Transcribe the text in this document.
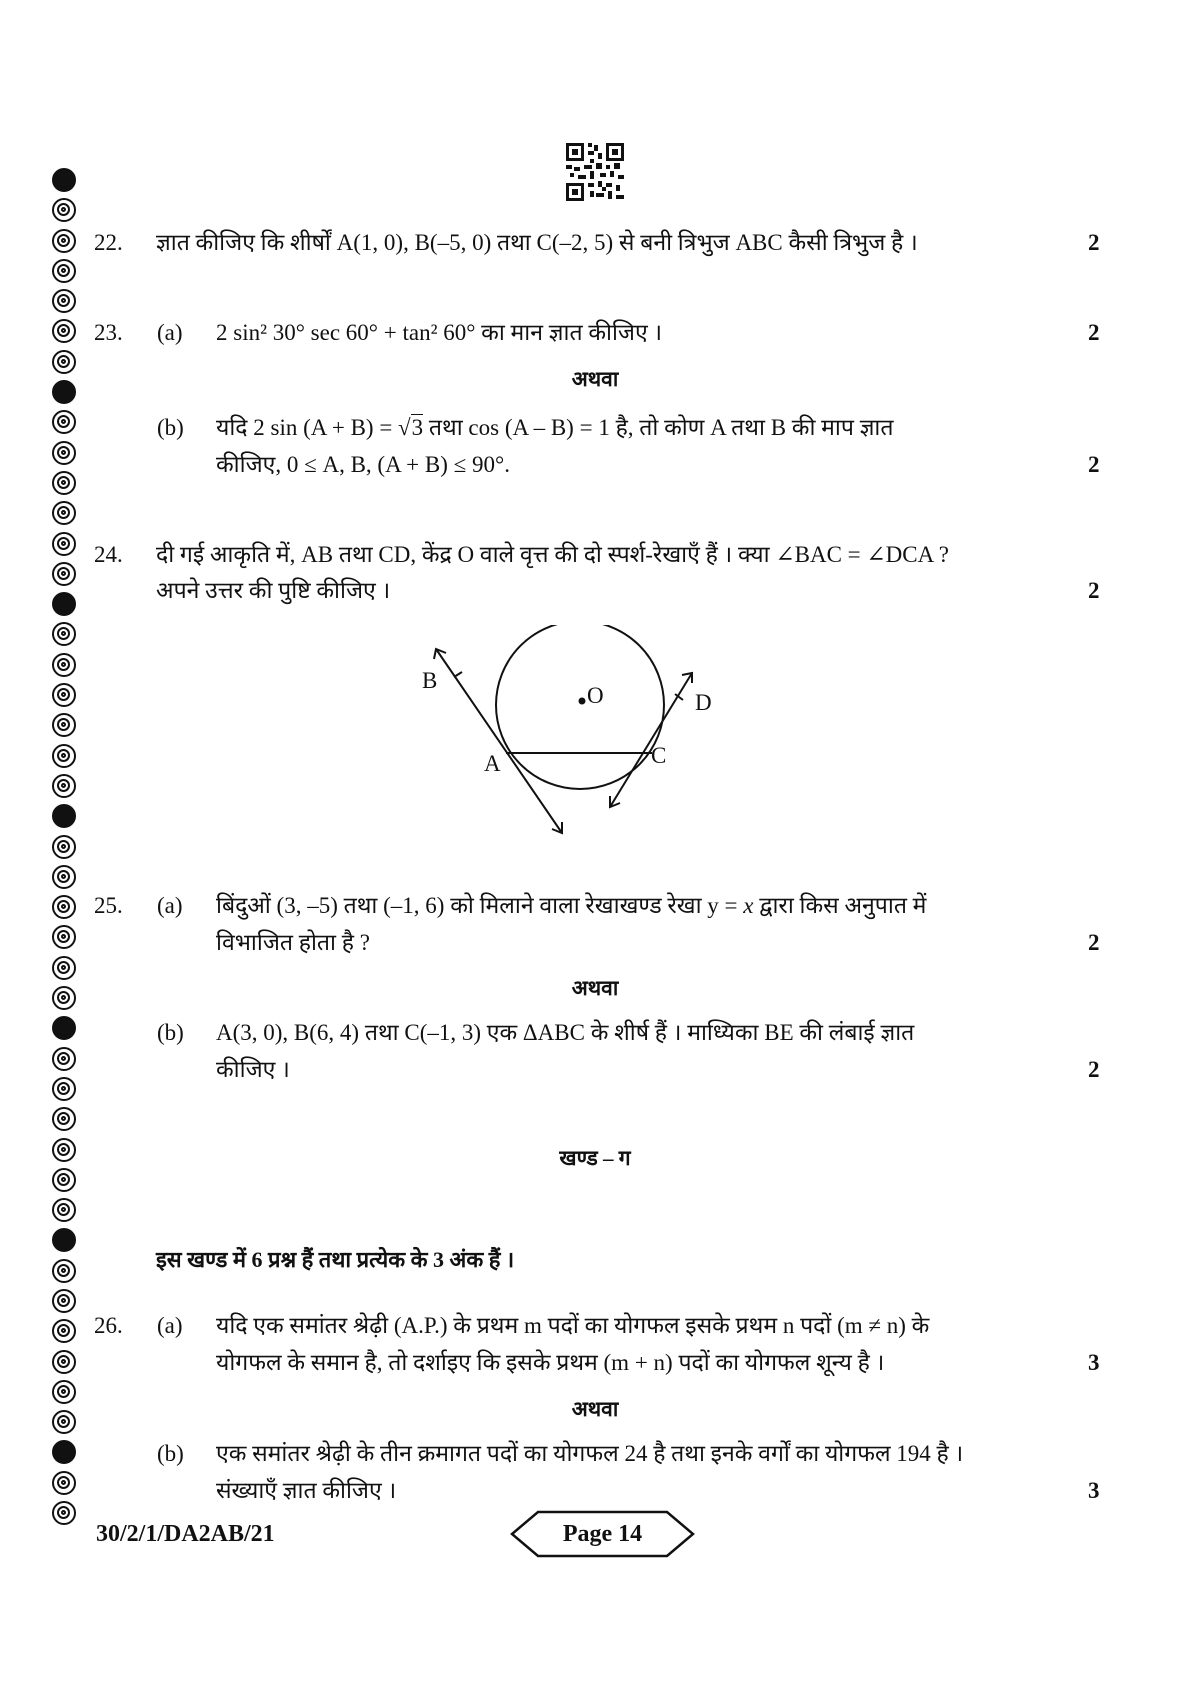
22. ज्ञात कीजिए कि शीर्षों A(1, 0), B(–5, 0) तथा C(–2, 5) से बनी त्रिभुज ABC कैसी त्रिभुज है ।	2
23. (a) 2 sin² 30° sec 60° + tan² 60° का मान ज्ञात कीजिए ।	2
अथवा
(b) यदि 2 sin (A + B) = √3 तथा cos (A – B) = 1 है, तो कोण A तथा B की माप ज्ञात
कीजिए, 0 ≤ A, B, (A + B) ≤ 90°.	2
24. दी गई आकृति में, AB तथा CD, केंद्र O वाले वृत्त की दो स्पर्श-रेखाएँ हैं । क्या ∠BAC = ∠DCA ?
अपने उत्तर की पुष्टि कीजिए ।	2
B
O	D
A	C
25. (a) बिंदुओं (3, –5) तथा (–1, 6) को मिलाने वाला रेखाखण्ड रेखा y = x द्वारा किस अनुपात में
विभाजित होता है ?	2
अथवा
(b) A(3, 0), B(6, 4) तथा C(–1, 3) एक ΔABC के शीर्ष हैं । माध्यिका BE की लंबाई ज्ञात
कीजिए ।	2
खण्ड – ग
इस खण्ड में 6 प्रश्न हैं तथा प्रत्येक के 3 अंक हैं ।
26. (a) यदि एक समांतर श्रेढ़ी (A.P.) के प्रथम m पदों का योगफल इसके प्रथम n पदों (m ≠ n) के
योगफल के समान है, तो दर्शाइए कि इसके प्रथम (m + n) पदों का योगफल शून्य है ।	3
अथवा
(b) एक समांतर श्रेढ़ी के तीन क्रमागत पदों का योगफल 24 है तथा इनके वर्गों का योगफल 194 है ।
संख्याएँ ज्ञात कीजिए ।	3
30/2/1/DA2AB/21	Page 14
